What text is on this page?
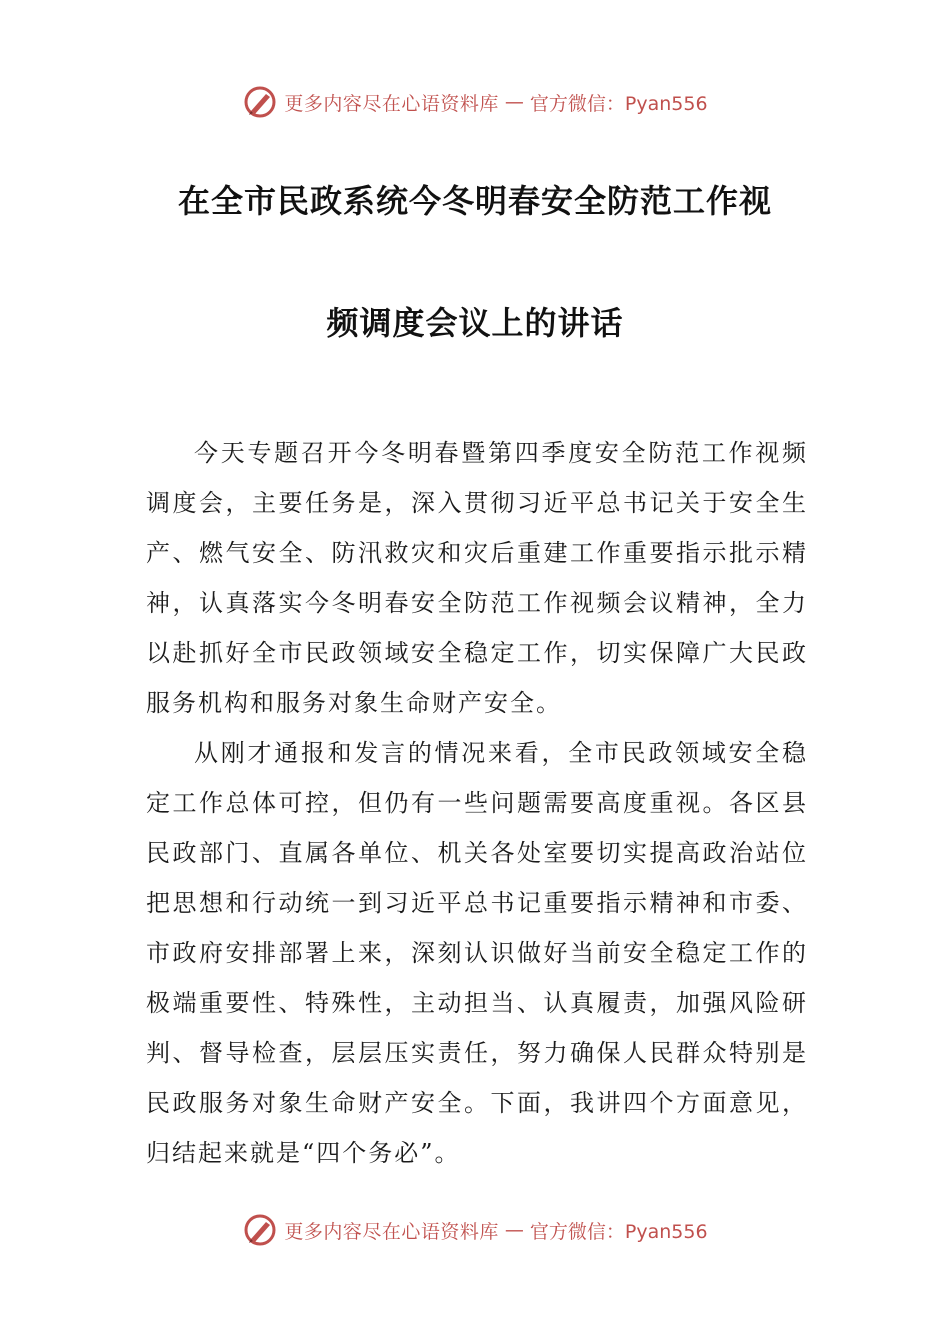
更多内容尽在心语资料库 — 官方微信：Pyan556
在全市民政系统今冬明春安全防范工作视
频调度会议上的讲话

今天专题召开今冬明春暨第四季度安全防范工作视频调度会，主要任务是，深入贯彻习近平总书记关于安全生产、燃气安全、防汛救灾和灾后重建工作重要指示批示精神，认真落实今冬明春安全防范工作视频会议精神，全力以赴抓好全市民政领域安全稳定工作，切实保障广大民政服务机构和服务对象生命财产安全。

从刚才通报和发言的情况来看，全市民政领域安全稳定工作总体可控，但仍有一些问题需要高度重视。各区县民政部门、直属各单位、机关各处室要切实提高政治站位把思想和行动统一到习近平总书记重要指示精神和市委、市政府安排部署上来，深刻认识做好当前安全稳定工作的极端重要性、特殊性，主动担当、认真履责，加强风险研判、督导检查，层层压实责任，努力确保人民群众特别是民政服务对象生命财产安全。下面，我讲四个方面意见，归结起来就是“四个务必”。

更多内容尽在心语资料库 — 官方微信：Pyan556
